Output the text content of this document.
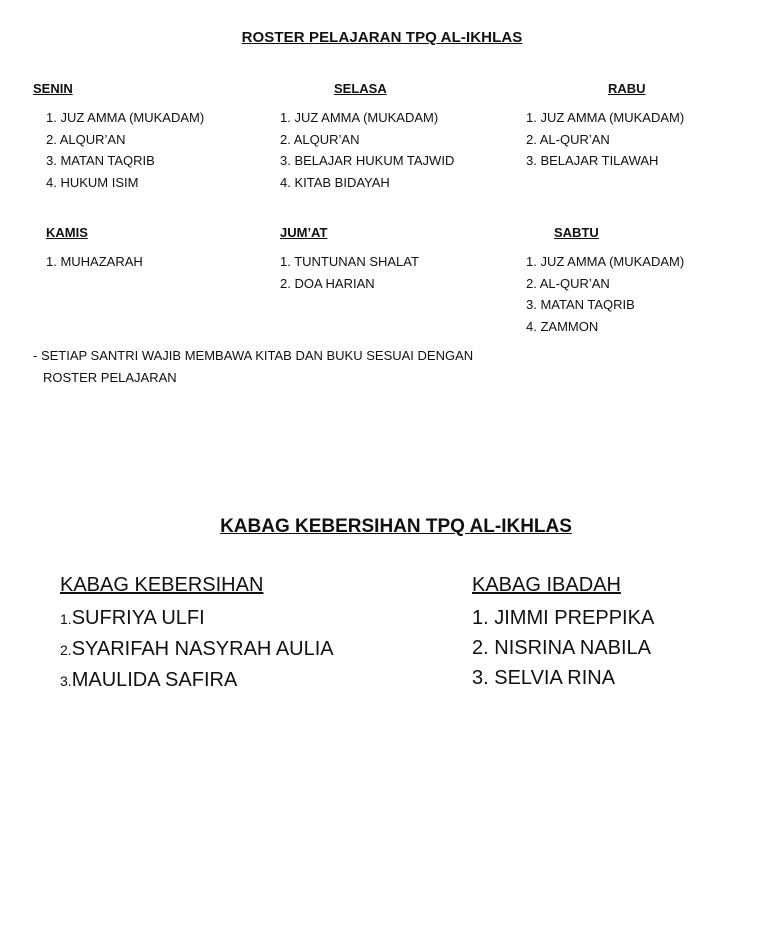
ROSTER PELAJARAN TPQ AL-IKHLAS
SENIN
1. JUZ AMMA (MUKADAM)
2. ALQUR’AN
3. MATAN TAQRIB
4. HUKUM ISIM
SELASA
1. JUZ AMMA (MUKADAM)
2. ALQUR’AN
3. BELAJAR HUKUM TAJWID
4. KITAB BIDAYAH
RABU
1. JUZ AMMA (MUKADAM)
2. AL-QUR’AN
3. BELAJAR TILAWAH
KAMIS
1. MUHAZARAH
JUM’AT
1. TUNTUNAN SHALAT
2. DOA HARIAN
SABTU
1. JUZ AMMA (MUKADAM)
2. AL-QUR’AN
3. MATAN TAQRIB
4. ZAMMON
- SETIAP SANTRI WAJIB MEMBAWA KITAB DAN BUKU SESUAI DENGAN
ROSTER PELAJARAN
KABAG KEBERSIHAN TPQ AL-IKHLAS
KABAG KEBERSIHAN
1.SUFRIYA ULFI
2.SYARIFAH NASYRAH AULIA
3.MAULIDA SAFIRA
KABAG IBADAH
1. JIMMI PREPPIKA
2. NISRINA NABILA
3. SELVIA RINA
